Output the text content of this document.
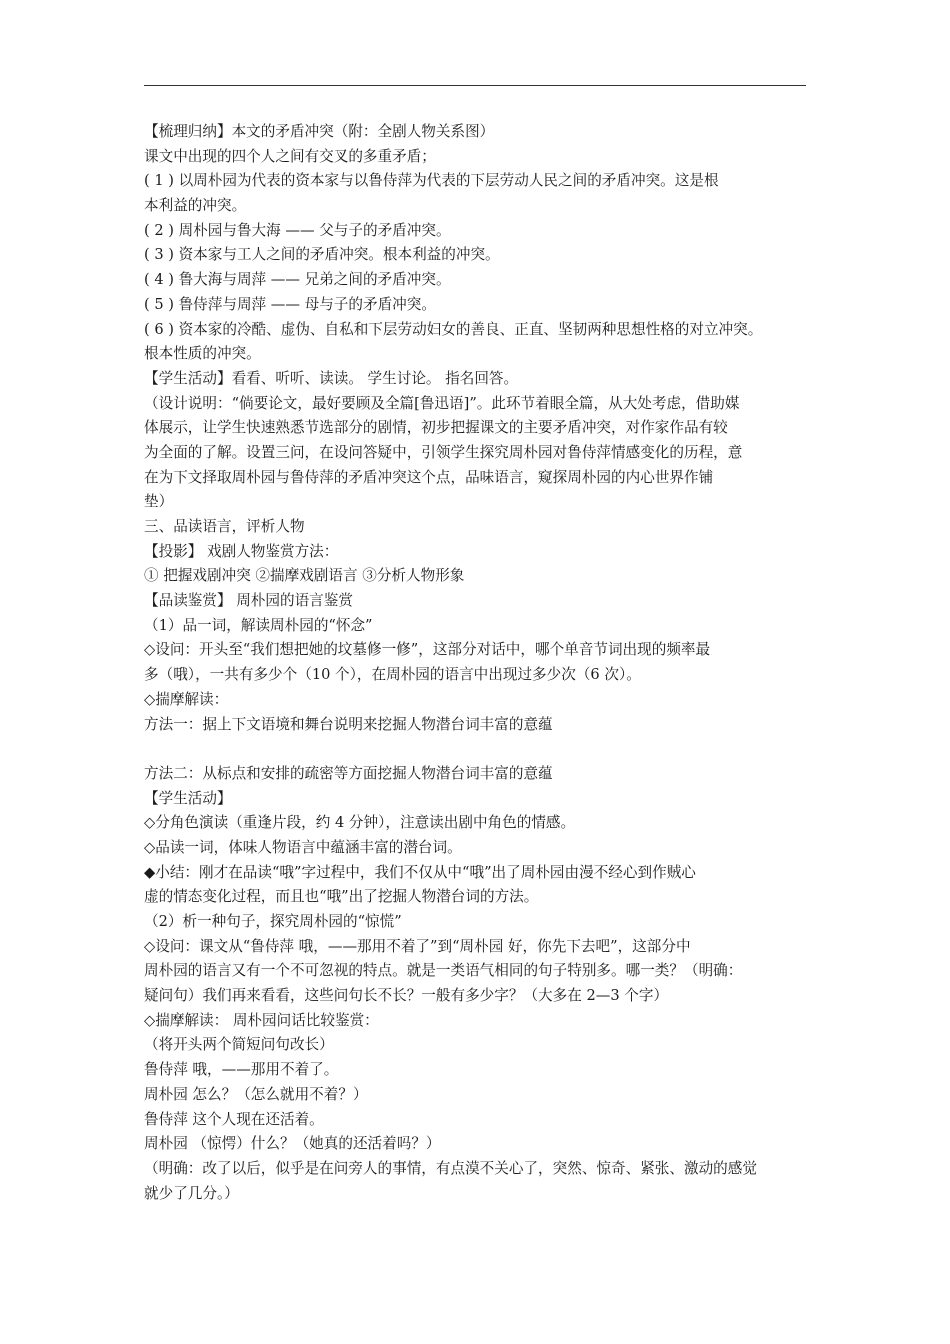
【梳理归纳】本文的矛盾冲突（附：全剧人物关系图）
课文中出现的四个人之间有交叉的多重矛盾；
( 1 ) 以周朴园为代表的资本家与以鲁侍萍为代表的下层劳动人民之间的矛盾冲突。这是根
本利益的冲突。
( 2 ) 周朴园与鲁大海 —— 父与子的矛盾冲突。
( 3 ) 资本家与工人之间的矛盾冲突。根本利益的冲突。
( 4 ) 鲁大海与周萍 —— 兄弟之间的矛盾冲突。
( 5 ) 鲁侍萍与周萍 —— 母与子的矛盾冲突。
( 6 ) 资本家的冷酷、虚伪、自私和下层劳动妇女的善良、正直、坚韧两种思想性格的对立冲突。
根本性质的冲突。
【学生活动】看看、听听、读读。 学生讨论。 指名回答。
（设计说明：“倘要论文，最好要顾及全篇[鲁迅语]”。此环节着眼全篇，从大处考虑，借助媒
体展示，让学生快速熟悉节选部分的剧情，初步把握课文的主要矛盾冲突，对作家作品有较
为全面的了解。设置三问，在设问答疑中，引领学生探究周朴园对鲁侍萍情感变化的历程，意
在为下文择取周朴园与鲁侍萍的矛盾冲突这个点，品味语言，窥探周朴园的内心世界作铺
垫）
三、品读语言，评析人物
【投影】 戏剧人物鉴赏方法：
① 把握戏剧冲突 ②揣摩戏剧语言 ③分析人物形象
【品读鉴赏】 周朴园的语言鉴赏
（1）品一词，解读周朴园的“怀念”
◇设问：开头至“我们想把她的坟墓修一修”，这部分对话中，哪个单音节词出现的频率最
多（哦），一共有多少个（10 个），在周朴园的语言中出现过多少次（6 次）。
◇揣摩解读：
方法一：据上下文语境和舞台说明来挖掘人物潜台词丰富的意蕴
方法二：从标点和安排的疏密等方面挖掘人物潜台词丰富的意蕴
【学生活动】
◇分角色演读（重逢片段，约 4 分钟），注意读出剧中角色的情感。
◇品读一词，体味人物语言中蕴涵丰富的潜台词。
◆小结：刚才在品读“哦”字过程中，我们不仅从中“哦”出了周朴园由漫不经心到作贼心
虚的情态变化过程，而且也“哦”出了挖掘人物潜台词的方法。
（2）析一种句子，探究周朴园的“惊慌”
◇设问：课文从“鲁侍萍 哦，——那用不着了”到“周朴园 好，你先下去吧”，这部分中
周朴园的语言又有一个不可忽视的特点。就是一类语气相同的句子特别多。哪一类？（明确：
疑问句）我们再来看看，这些问句长不长？一般有多少字？（大多在 2—3 个字）
◇揣摩解读： 周朴园问话比较鉴赏：
（将开头两个简短问句改长）
鲁侍萍 哦，——那用不着了。
周朴园 怎么？（怎么就用不着？）
鲁侍萍 这个人现在还活着。
周朴园 （惊愕）什么？（她真的还活着吗？）
（明确：改了以后，似乎是在问旁人的事情，有点漠不关心了，突然、惊奇、紧张、激动的感觉
就少了几分。）
